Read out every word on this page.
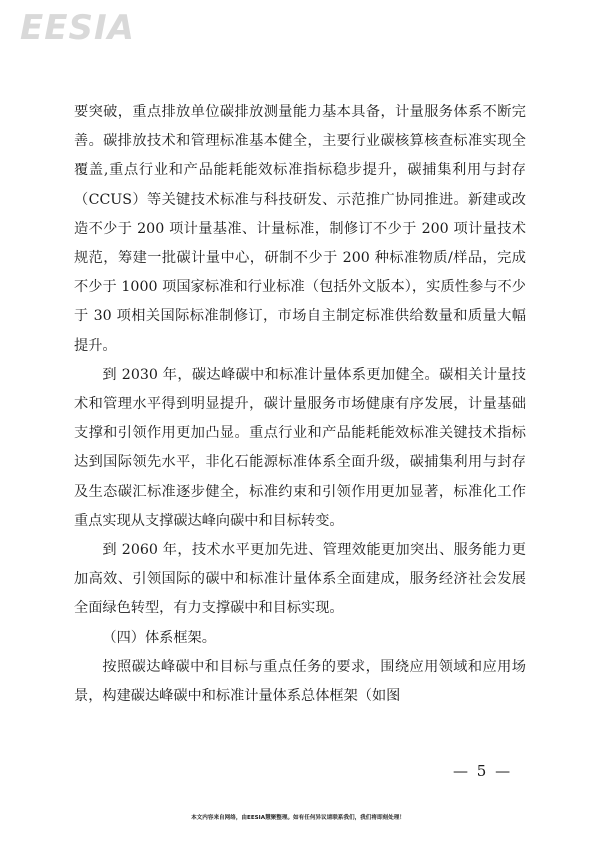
EESIA

要突破，重点排放单位碳排放测量能力基本具备，计量服务体系不断完善。碳排放技术和管理标准基本健全，主要行业碳核算核查标准实现全覆盖,重点行业和产品能耗能效标准指标稳步提升，碳捕集利用与封存（CCUS）等关键技术标准与科技研发、示范推广协同推进。新建或改造不少于 200 项计量基准、计量标准，制修订不少于 200 项计量技术规范，筹建一批碳计量中心，研制不少于 200 种标准物质/样品，完成不少于 1000 项国家标准和行业标准（包括外文版本），实质性参与不少于 30 项相关国际标准制修订，市场自主制定标准供给数量和质量大幅提升。

到 2030 年，碳达峰碳中和标准计量体系更加健全。碳相关计量技术和管理水平得到明显提升，碳计量服务市场健康有序发展，计量基础支撑和引领作用更加凸显。重点行业和产品能耗能效标准关键技术指标达到国际领先水平，非化石能源标准体系全面升级，碳捕集利用与封存及生态碳汇标准逐步健全，标准约束和引领作用更加显著，标准化工作重点实现从支撑碳达峰向碳中和目标转变。

到 2060 年，技术水平更加先进、管理效能更加突出、服务能力更加高效、引领国际的碳中和标准计量体系全面建成，服务经济社会发展全面绿色转型，有力支撑碳中和目标实现。

（四）体系框架。

按照碳达峰碳中和目标与重点任务的要求，围绕应用领域和应用场景，构建碳达峰碳中和标准计量体系总体框架（如图

— 5 —
本文内容来自网络，由EESIA慧聚整理。如有任何异议请联系我们，我们将即刻处理！
